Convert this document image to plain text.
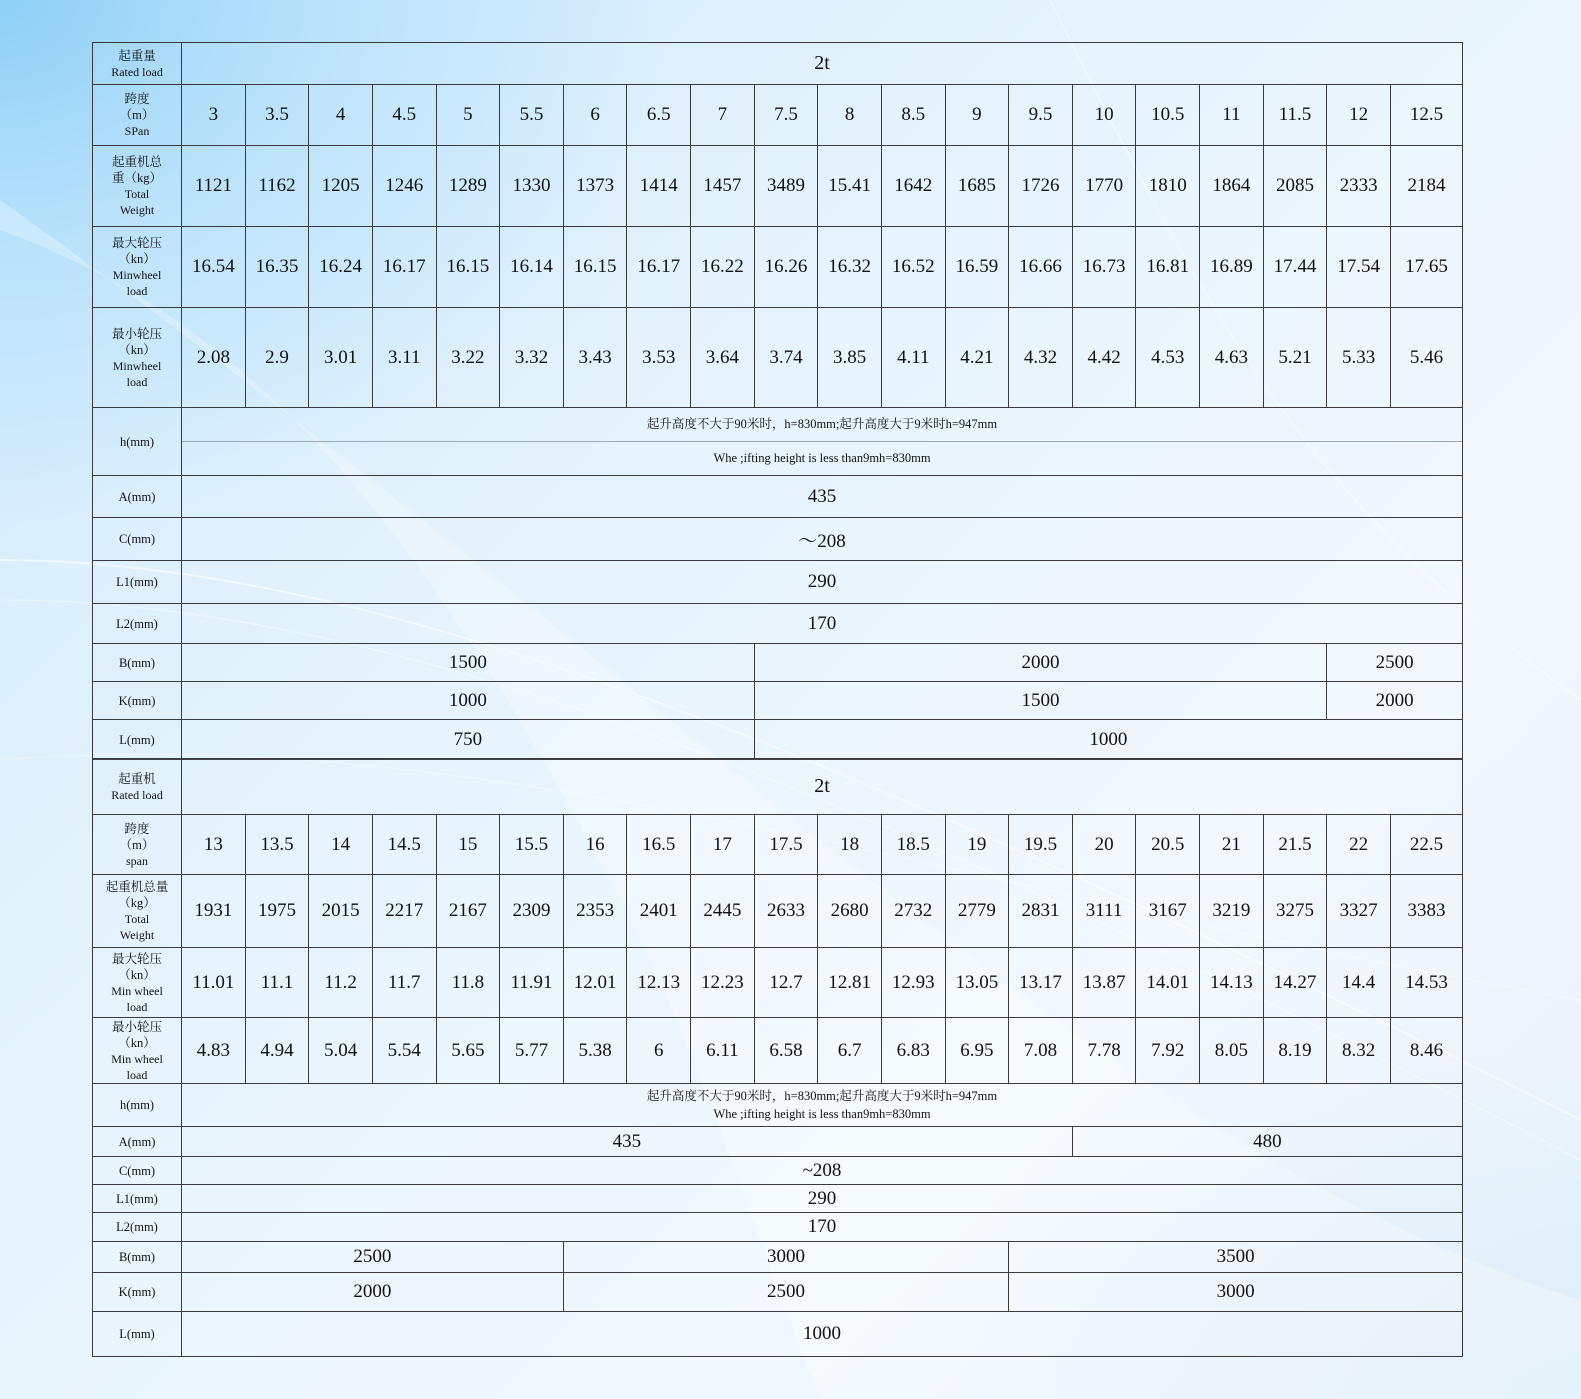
起重量
Rated load	2t																			

跨度
（m）
SPan	3	3.5	4	4.5	5	5.5	6	6.5	7	7.5	8	8.5	9	9.5	10	10.5	11	11.5	12	12.5

起重机总
重（kg）
Total
Weight	1121	1162	1205	1246	1289	1330	1373	1414	1457	3489	15.41	1642	1685	1726	1770	1810	1864	2085	2333	2184

最大轮压
（kn）
Minwheel
load	16.54	16.35	16.24	16.17	16.15	16.14	16.15	16.17	16.22	16.26	16.32	16.52	16.59	16.66	16.73	16.81	16.89	17.44	17.54	17.65

最小轮压
（kn）
Minwheel
load	2.08	2.9	3.01	3.11	3.22	3.32	3.43	3.53	3.64	3.74	3.85	4.11	4.21	4.32	4.42	4.53	4.63	5.21	5.33	5.46
h(mm)	起升高度不大于90米时，h=830mm;起升高度大于9米时h=947mm
Whe ;ifting height is less than9mh=830mm																			

A(mm)	435																			
C(mm)	～208																			
L1(mm)	290																			
L2(mm)	170																			
B(mm)	1500									2000									2500	
K(mm)	1000									1500									2000	
L(mm)	750									1000										
起重机
Rated load	2t																			

跨度
（m）
span	13	13.5	14	14.5	15	15.5	16	16.5	17	17.5	18	18.5	19	19.5	20	20.5	21	21.5	22	22.5

起重机总量
（kg）
Total
Weight	1931	1975	2015	2217	2167	2309	2353	2401	2445	2633	2680	2732	2779	2831	3111	3167	3219	3275	3327	3383

最大轮压
（kn）
Min wheel
load	11.01	11.1	11.2	11.7	11.8	11.91	12.01	12.13	12.23	12.7	12.81	12.93	13.05	13.17	13.87	14.01	14.13	14.27	14.4	14.53

最小轮压
（kn）
Min wheel
load	4.83	4.94	5.04	5.54	5.65	5.77	5.38	6	6.11	6.58	6.7	6.83	6.95	7.08	7.78	7.92	8.05	8.19	8.32	8.46
h(mm)	起升高度不大于90米时，h=830mm;起升高度大于9米时h=947mm
Whe ;ifting height is less than9mh=830mm																			

A(mm)	435														480					
C(mm)	~208																			
L1(mm)	290																			
L2(mm)	170																			
B(mm)	2500						3000							3500						
K(mm)	2000						2500							3000						
L(mm)	1000																			
